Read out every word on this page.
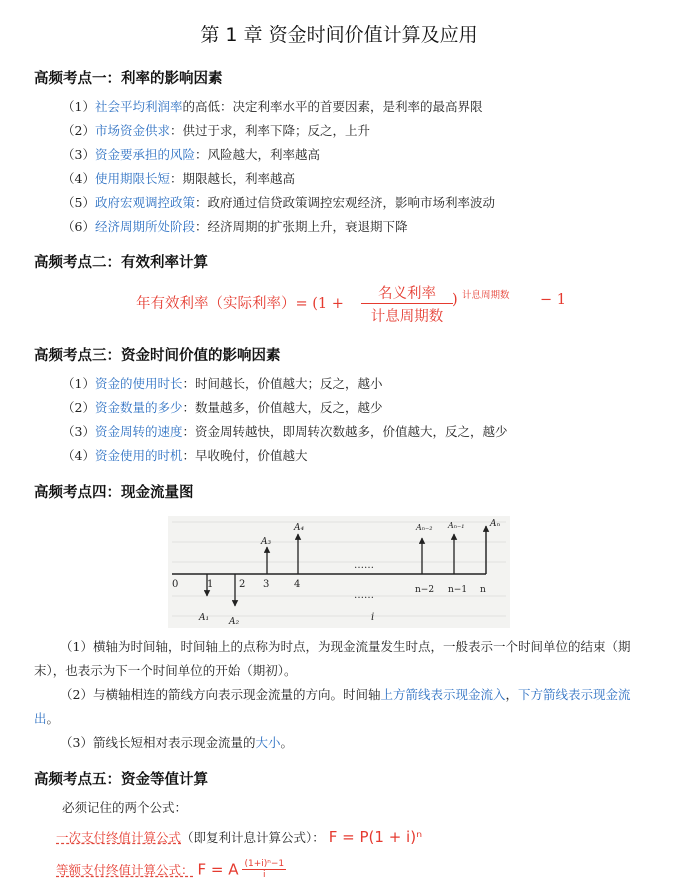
第 1 章 资金时间价值计算及应用
高频考点一：利率的影响因素
（1）社会平均利润率的高低：决定利率水平的首要因素，是利率的最高界限
（2）市场资金供求：供过于求，利率下降；反之，上升
（3）资金要承担的风险：风险越大，利率越高
（4）使用期限长短：期限越长，利率越高
（5）政府宏观调控政策：政府通过信贷政策调控宏观经济，影响市场利率波动
（6）经济周期所处阶段：经济周期的扩张期上升，衰退期下降
高频考点二：有效利率计算
年有效利率（实际利率）= (1 +
名义利率
计息周期数
) 计息周期数 − 1
高频考点三：资金时间价值的影响因素
（1）资金的使用时长：时间越长，价值越大；反之，越小
（2）资金数量的多少：数量越多，价值越大，反之，越少
（3）资金周转的速度：资金周转越快，即周转次数越多，价值越大，反之，越少
（4）资金使用的时机：早收晚付，价值越大
高频考点四：现金流量图
0	1	2 3 4	n−2 n−1 n
A₃
A₄	Aₙ₋₂ Aₙ₋₁	Aₙ
A₁ A₂
……
……
i
（1）横轴为时间轴，时间轴上的点称为时点，为现金流量发生时点，一般表示一个时间单位的结束（期末），也表示为下一个时间单位的开始（期初）。
（2）与横轴相连的箭线方向表示现金流量的方向。时间轴上方箭线表示现金流入，下方箭线表示现金流出。
（3）箭线长短相对表示现金流量的大小。
高频考点五：资金等值计算
必须记住的两个公式：
一次支付终值计算公式（即复利计息计算公式）： F = P(1 + i)ⁿ
等额支付终值计算公式： F = A $\frac{\text{(1+i)ⁿ−1}}{i}$
